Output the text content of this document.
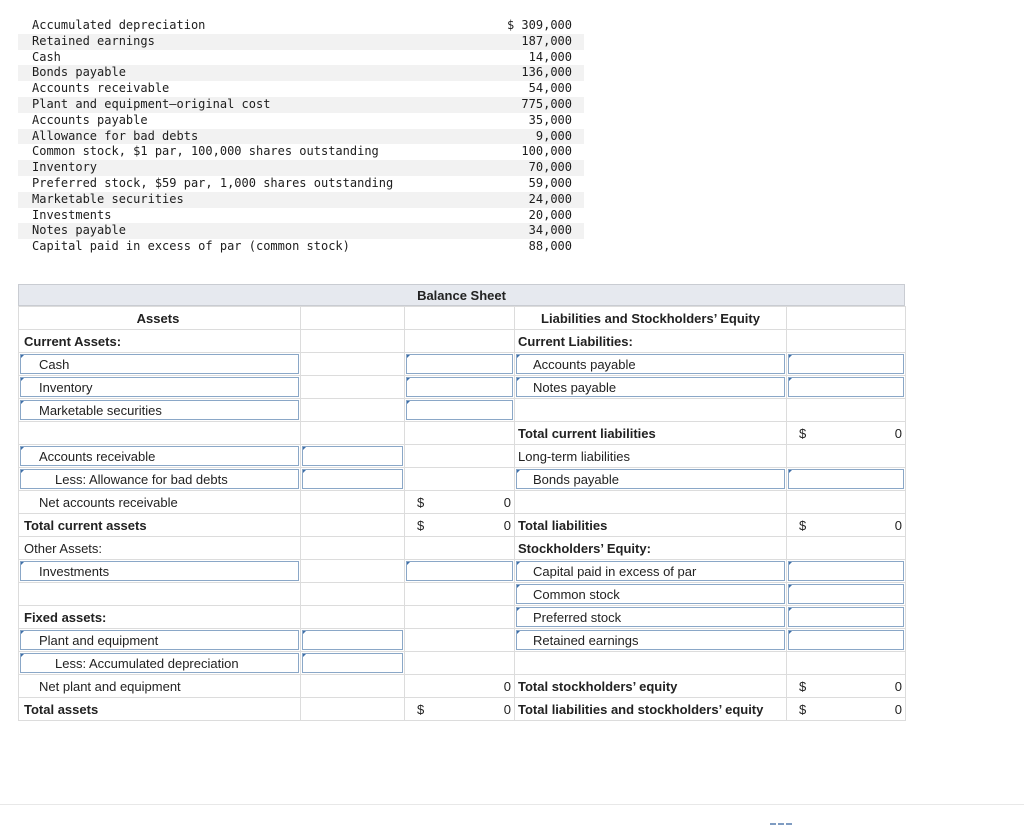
Accumulated depreciation	$ 309,000
Retained earnings	187,000
Cash	14,000
Bonds payable	136,000
Accounts receivable	54,000
Plant and equipment—original cost	775,000
Accounts payable	35,000
Allowance for bad debts	9,000
Common stock, $1 par, 100,000 shares outstanding	100,000
Inventory	70,000
Preferred stock, $59 par, 1,000 shares outstanding	59,000
Marketable securities	24,000
Investments	20,000
Notes payable	34,000
Capital paid in excess of par (common stock)	88,000
Balance Sheet
Assets			Liabilities and Stockholders’ Equity	
Current Assets:			Current Liabilities:	
Cash			Accounts payable	
Inventory			Notes payable	
Marketable securities				
			Total current liabilities	$ 0

Accounts receivable			Long-term liabilities	
Less: Allowance for bad debts			Bonds payable	
Net accounts receivable		$ 0		

Total current assets		$ 0	Total liabilities	$ 0

Other Assets:			Stockholders’ Equity:	
Investments			Capital paid in excess of par	
			Common stock	
Fixed assets:			Preferred stock	
Plant and equipment			Retained earnings	
Less: Accumulated depreciation				
Net plant and equipment		0	Total stockholders’ equity	$ 0

Total assets		$ 0	Total liabilities and stockholders’ equity	$ 0
